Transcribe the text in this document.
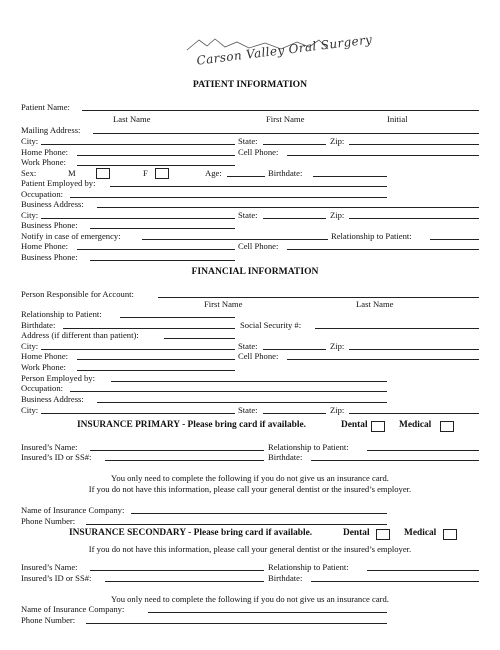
Carson Valley Oral Surgery
PATIENT INFORMATION
Patient Name:
Last Name	First Name	Initial
Mailing Address:
City:	State:	Zip:
Home Phone:	Cell Phone:
Work Phone:
Sex:	M	F	Age:	Birthdate:
Patient Employed by:
Occupation:
Business Address:
City:	State:	Zip:
Business Phone:
Notify in case of emergency:	Relationship to Patient:
Home Phone:	Cell Phone:
Business Phone:
FINANCIAL INFORMATION
Person Responsible for Account:
First Name	Last Name
Relationship to Patient:
Birthdate:	Social Security #:
Address (if different than patient):
City:	State:	Zip:
Home Phone:	Cell Phone:
Work Phone:
Person Employed by:
Occupation:
Business Address:
City:	State:	Zip:
INSURANCE PRIMARY - Please bring card if available.	Dental	Medical
Insured’s Name:	Relationship to Patient:
Insured’s ID or SS#:	Birthdate:
You only need to complete the following if you do not give us an insurance card.
If you do not have this information, please call your general dentist or the insured’s employer.
Name of Insurance Company:
Phone Number:
INSURANCE SECONDARY - Please bring card if available.	Dental	Medical
If you do not have this information, please call your general dentist or the insured’s employer.
Insured’s Name:	Relationship to Patient:
Insured’s ID or SS#:	Birthdate:
You only need to complete the following if you do not give us an insurance card.
Name of Insurance Company:
Phone Number:
